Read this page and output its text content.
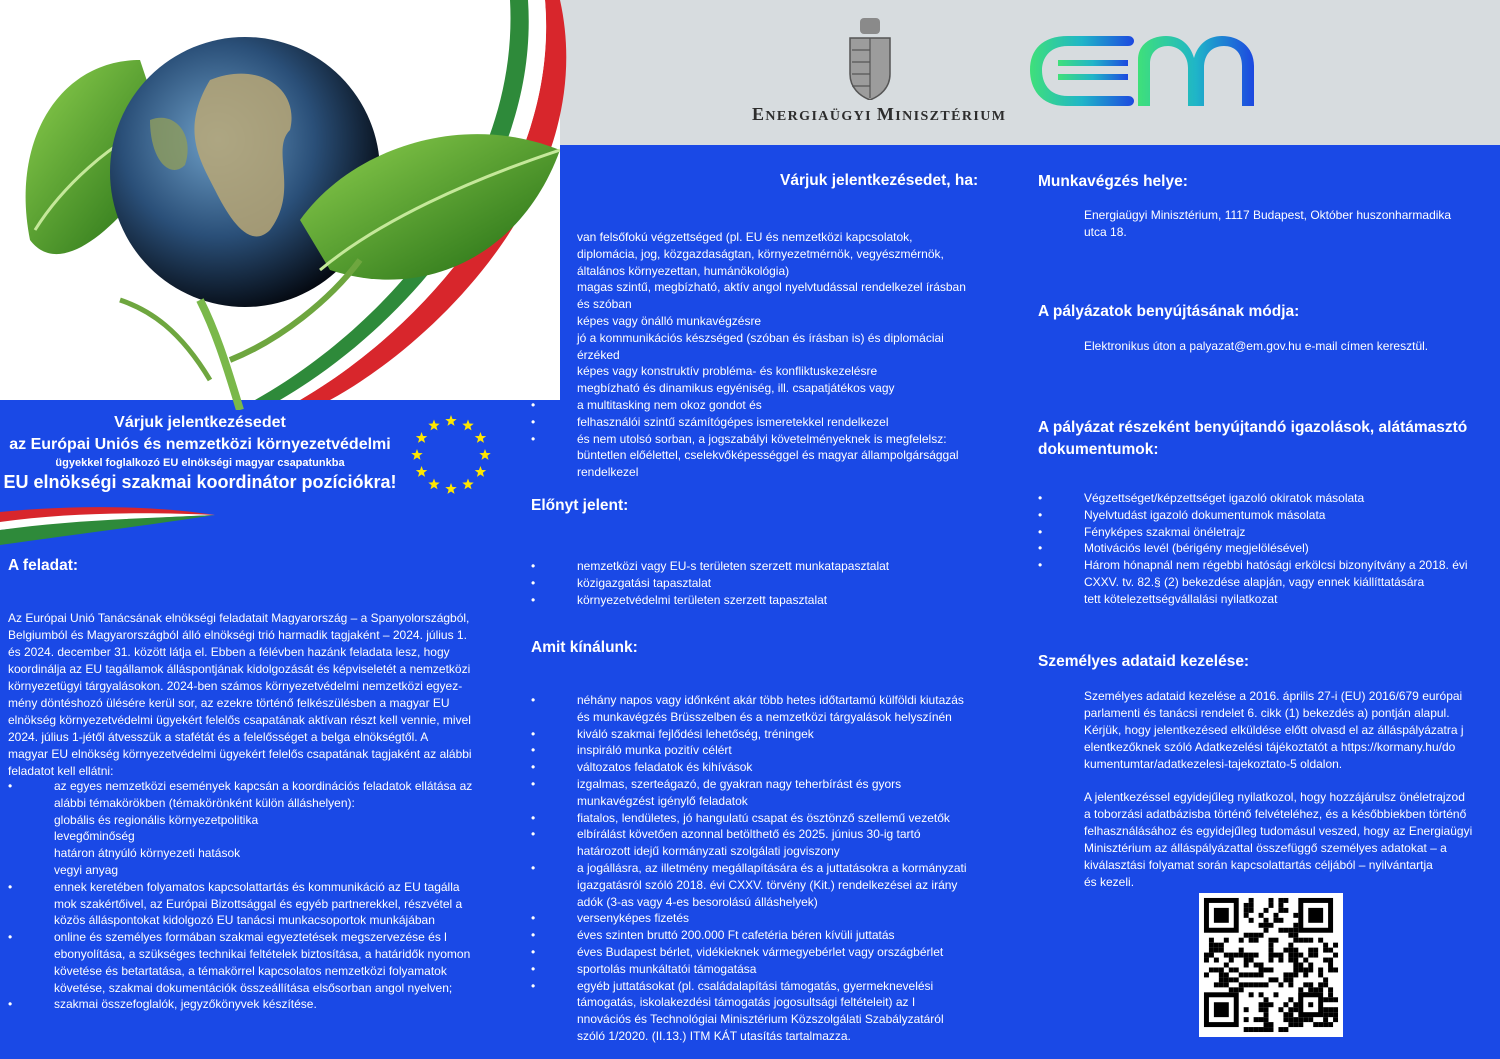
ENERGIAÜGYI MINISZTÉRIUM
Várjuk jelentkezésedet
az Európai Uniós és nemzetközi környezetvédelmi
ügyekkel foglalkozó EU elnökségi magyar csapatunkba
EU elnökségi szakmai koordinátor pozíciókra!
A feladat:

Az Európai Unió Tanácsának elnökségi feladatait Magyarország – a Spanyolországból,

Belgiumból és Magyarországból álló elnökségi trió harmadik tagjaként – 2024. július 1.

és 2024. december 31. között látja el. Ebben a félévben hazánk feladata lesz, hogy

koordinálja az EU tagállamok álláspontjának kidolgozását és képviseletét a nemzetközi

környezetügyi tárgyalásokon. 2024-ben számos környezetvédelmi nemzetközi egyez-

mény döntéshozó ülésére kerül sor, az ezekre történő felkészülésben a magyar EU

elnökség környezetvédelmi ügyekért felelős csapatának aktívan részt kell vennie, mivel

2024. július 1-jétől átvesszük a stafétát és a felelősséget a belga elnökségtől. A

magyar EU elnökség környezetvédelmi ügyekért felelős csapatának tagjaként az alábbi

feladatot kell ellátni:

• az egyes nemzetközi események kapcsán a koordinációs feladatok ellátása az
alábbi témakörökben (témakörönként külön álláshelyen):
globális és regionális környezetpolitika
levegőminőség
határon átnyúló környezeti hatások
vegyi anyag
• ennek keretében folyamatos kapcsolattartás és kommunikáció az EU tagálla
mok szakértőivel, az Európai Bizottsággal és egyéb partnerekkel, részvétel a
közös álláspontokat kidolgozó EU tanácsi munkacsoportok munkájában
• online és személyes formában szakmai egyeztetések megszervezése és l
ebonyolítása, a szükséges technikai feltételek biztosítása, a határidők nyomon
követése és betartatása, a témakörrel kapcsolatos nemzetközi folyamatok
követése, szakmai dokumentációk összeállítása elsősorban angol nyelven;
• szakmai összefoglalók, jegyzőkönyvek készítése.
Várjuk jelentkezésedet, ha:
van felsőfokú végzettséged (pl. EU és nemzetközi kapcsolatok,
diplomácia, jog, közgazdaságtan, környezetmérnök, vegyészmérnök,
általános környezettan, humánökológia)
• magas szintű, megbízható, aktív angol nyelvtudással rendelkezel írásban
és szóban
• képes vagy önálló munkavégzésre
• jó a kommunikációs készséged (szóban és írásban is) és diplomáciai
érzéked
• képes vagy konstruktív probléma- és konfliktuskezelésre
• megbízható és dinamikus egyéniség, ill. csapatjátékos vagy
• a multitasking nem okoz gondot és
• felhasználói szintű számítógépes ismeretekkel rendelkezel
• és nem utolsó sorban, a jogszabályi követelményeknek is megfelelsz:
büntetlen előélettel, cselekvőképességgel és magyar állampolgársággal
rendelkezel
Előnyt jelent:
• nemzetközi vagy EU-s területen szerzett munkatapasztalat
• közigazgatási tapasztalat
• környezetvédelmi területen szerzett tapasztalat
Amit kínálunk:
• néhány napos vagy időnként akár több hetes időtartamú külföldi kiutazás
és munkavégzés Brüsszelben és a nemzetközi tárgyalások helyszínén
• kiváló szakmai fejlődési lehetőség, tréningek
• inspiráló munka pozitív célért
• változatos feladatok és kihívások
• izgalmas, szerteágazó, de gyakran nagy teherbírást és gyors
munkavégzést igénylő feladatok
• fiatalos, lendületes, jó hangulatú csapat és ösztönző szellemű vezetők
• elbírálást követően azonnal betölthető és 2025. június 30-ig tartó
határozott idejű kormányzati szolgálati jogviszony
• a jogállásra, az illetmény megállapítására és a juttatásokra a kormányzati
igazgatásról szóló 2018. évi CXXV. törvény (Kit.) rendelkezései az irány
adók (3-as vagy 4-es besorolású álláshelyek)
• versenyképes fizetés
• éves szinten bruttó 200.000 Ft cafetéria béren kívüli juttatás
• éves Budapest bérlet, vidékieknek vármegyebérlet vagy országbérlet
• sportolás munkáltatói támogatása
• egyéb juttatásokat (pl. családalapítási támogatás, gyermeknevelési
támogatás, iskolakezdési támogatás jogosultsági feltételeit) az I
nnovációs és Technológiai Minisztérium Közszolgálati Szabályzatáról
szóló 1/2020. (II.13.) ITM KÁT utasítás tartalmazza.
Munkavégzés helye:

Energiaügyi Minisztérium, 1117 Budapest, Október huszonharmadika

utca 18.

A pályázatok benyújtásának módja:

Elektronikus úton a palyazat@em.gov.hu e-mail címen keresztül.

A pályázat részeként benyújtandó igazolások, alátámasztó
dokumentumok:
• Végzettséget/képzettséget igazoló okiratok másolata
• Nyelvtudást igazoló dokumentumok másolata
• Fényképes szakmai önéletrajz
• Motivációs levél (bérigény megjelölésével)
• Három hónapnál nem régebbi hatósági erkölcsi bizonyítvány a 2018. évi
CXXV. tv. 82.§ (2) bekezdése alapján, vagy ennek kiállíttatására
tett kötelezettségvállalási nyilatkozat
Személyes adataid kezelése:

Személyes adataid kezelése a 2016. április 27-i (EU) 2016/679 európai

parlamenti és tanácsi rendelet 6. cikk (1) bekezdés a) pontján alapul.

Kérjük, hogy jelentkezésed elküldése előtt olvasd el az álláspályázatra j

elentkezőknek szóló Adatkezelési tájékoztatót a https://kormany.hu/do

kumentumtar/adatkezelesi-tajekoztato-5 oldalon.

A jelentkezéssel egyidejűleg nyilatkozol, hogy hozzájárulsz önéletrajzod

a toborzási adatbázisba történő felvételéhez, és a későbbiekben történő

felhasználásához és egyidejűleg tudomásul veszed, hogy az Energiaügyi

Minisztérium az álláspályázattal összefüggő személyes adatokat – a

kiválasztási folyamat során kapcsolattartás céljából – nyilvántartja

és kezeli.
